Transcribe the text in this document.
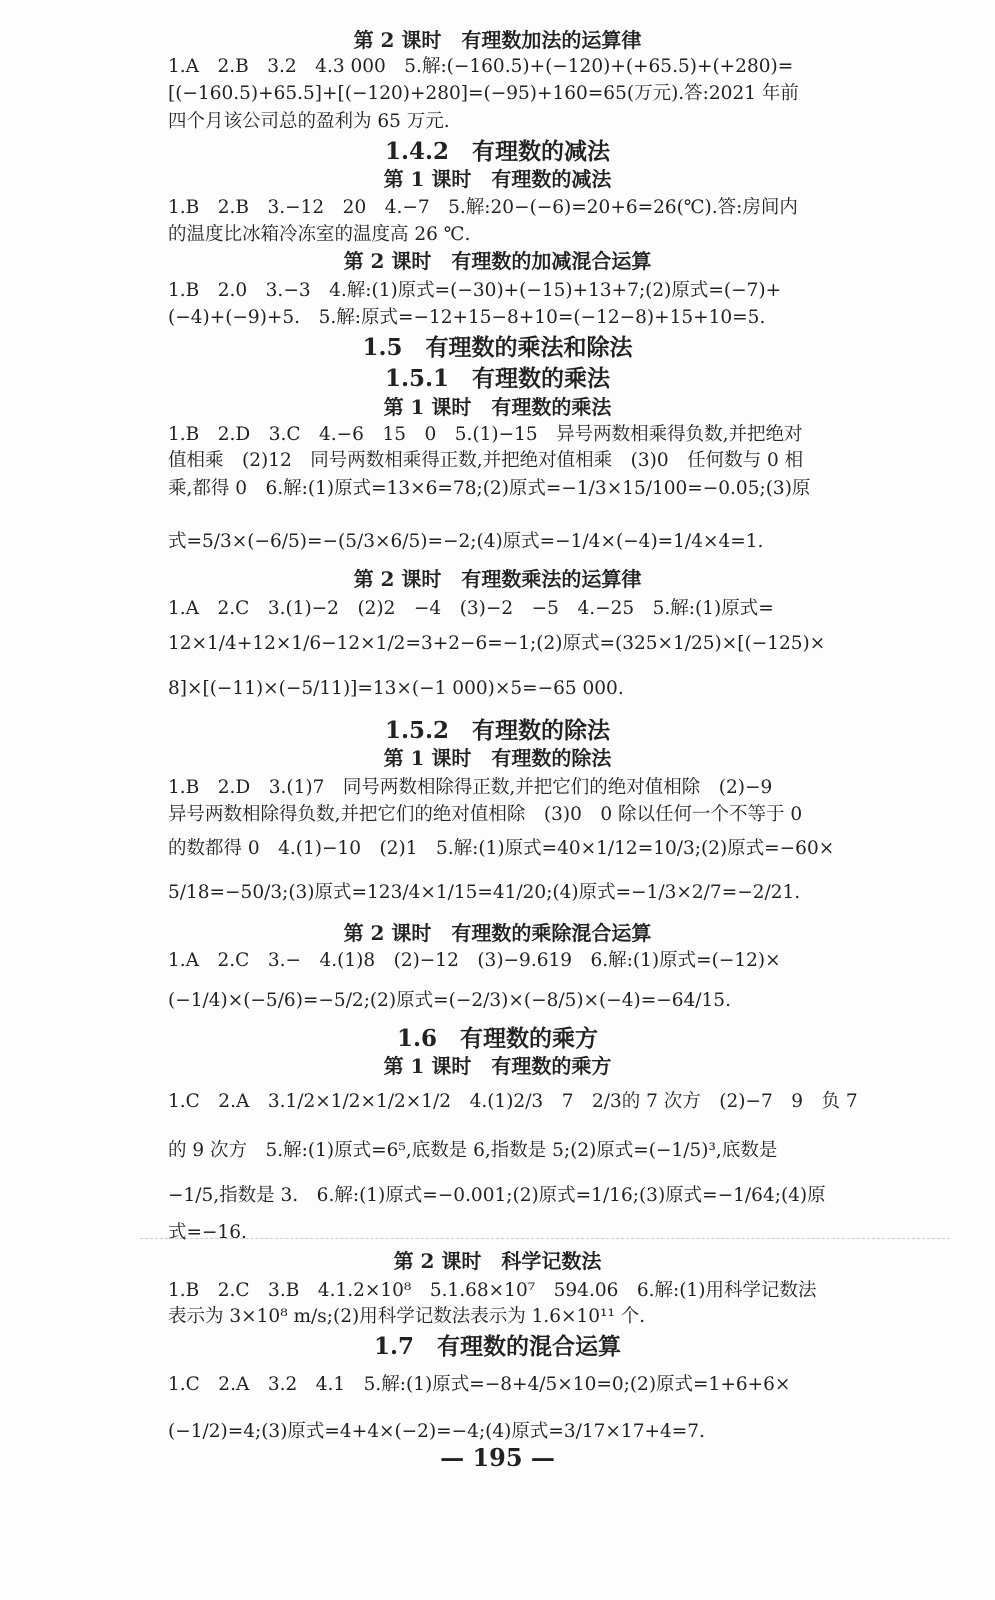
第 2 课时　有理数加法的运算律
1.A　2.B　3.2　4.3 000　5.解:(−160.5)+(−120)+(+65.5)+(+280)=
[(−160.5)+65.5]+[(−120)+280]=(−95)+160=65(万元).答:2021 年前
四个月该公司总的盈利为 65 万元.
1.4.2　有理数的减法
第 1 课时　有理数的减法
1.B　2.B　3.−12　20　4.−7　5.解:20−(−6)=20+6=26(℃).答:房间内
的温度比冰箱冷冻室的温度高 26 ℃.
第 2 课时　有理数的加减混合运算
1.B　2.0　3.−3　4.解:(1)原式=(−30)+(−15)+13+7;(2)原式=(−7)+
(−4)+(−9)+5.　5.解:原式=−12+15−8+10=(−12−8)+15+10=5.
1.5　有理数的乘法和除法
1.5.1　有理数的乘法
第 1 课时　有理数的乘法
1.B　2.D　3.C　4.−6　15　0　5.(1)−15　异号两数相乘得负数,并把绝对
值相乘　(2)12　同号两数相乘得正数,并把绝对值相乘　(3)0　任何数与 0 相
乘,都得 0　6.解:(1)原式=13×6=78;(2)原式=−1/3×15/100=−0.05;(3)原
式=5/3×(−6/5)=−(5/3×6/5)=−2;(4)原式=−1/4×(−4)=1/4×4=1.
第 2 课时　有理数乘法的运算律
1.A　2.C　3.(1)−2　(2)2　−4　(3)−2　−5　4.−25　5.解:(1)原式=
12×1/4+12×1/6−12×1/2=3+2−6=−1;(2)原式=(325×1/25)×[(−125)×
8]×[(−11)×(−5/11)]=13×(−1 000)×5=−65 000.
1.5.2　有理数的除法
第 1 课时　有理数的除法
1.B　2.D　3.(1)7　同号两数相除得正数,并把它们的绝对值相除　(2)−9
异号两数相除得负数,并把它们的绝对值相除　(3)0　0 除以任何一个不等于 0
的数都得 0　4.(1)−10　(2)1　5.解:(1)原式=40×1/12=10/3;(2)原式=−60×
5/18=−50/3;(3)原式=123/4×1/15=41/20;(4)原式=−1/3×2/7=−2/21.
第 2 课时　有理数的乘除混合运算
1.A　2.C　3.−　4.(1)8　(2)−12　(3)−9.619　6.解:(1)原式=(−12)×
(−1/4)×(−5/6)=−5/2;(2)原式=(−2/3)×(−8/5)×(−4)=−64/15.
1.6　有理数的乘方
第 1 课时　有理数的乘方
1.C　2.A　3.1/2×1/2×1/2×1/2　4.(1)2/3　7　2/3的 7 次方　(2)−7　9　负 7
的 9 次方　5.解:(1)原式=6⁵,底数是 6,指数是 5;(2)原式=(−1/5)³,底数是
−1/5,指数是 3.　6.解:(1)原式=−0.001;(2)原式=1/16;(3)原式=−1/64;(4)原
式=−16.
第 2 课时　科学记数法
1.B　2.C　3.B　4.1.2×10⁸　5.1.68×10⁷　594.06　6.解:(1)用科学记数法
表示为 3×10⁸ m/s;(2)用科学记数法表示为 1.6×10¹¹ 个.
1.7　有理数的混合运算
1.C　2.A　3.2　4.1　5.解:(1)原式=−8+4/5×10=0;(2)原式=1+6+6×
(−1/2)=4;(3)原式=4+4×(−2)=−4;(4)原式=3/17×17+4=7.
— 195 —
